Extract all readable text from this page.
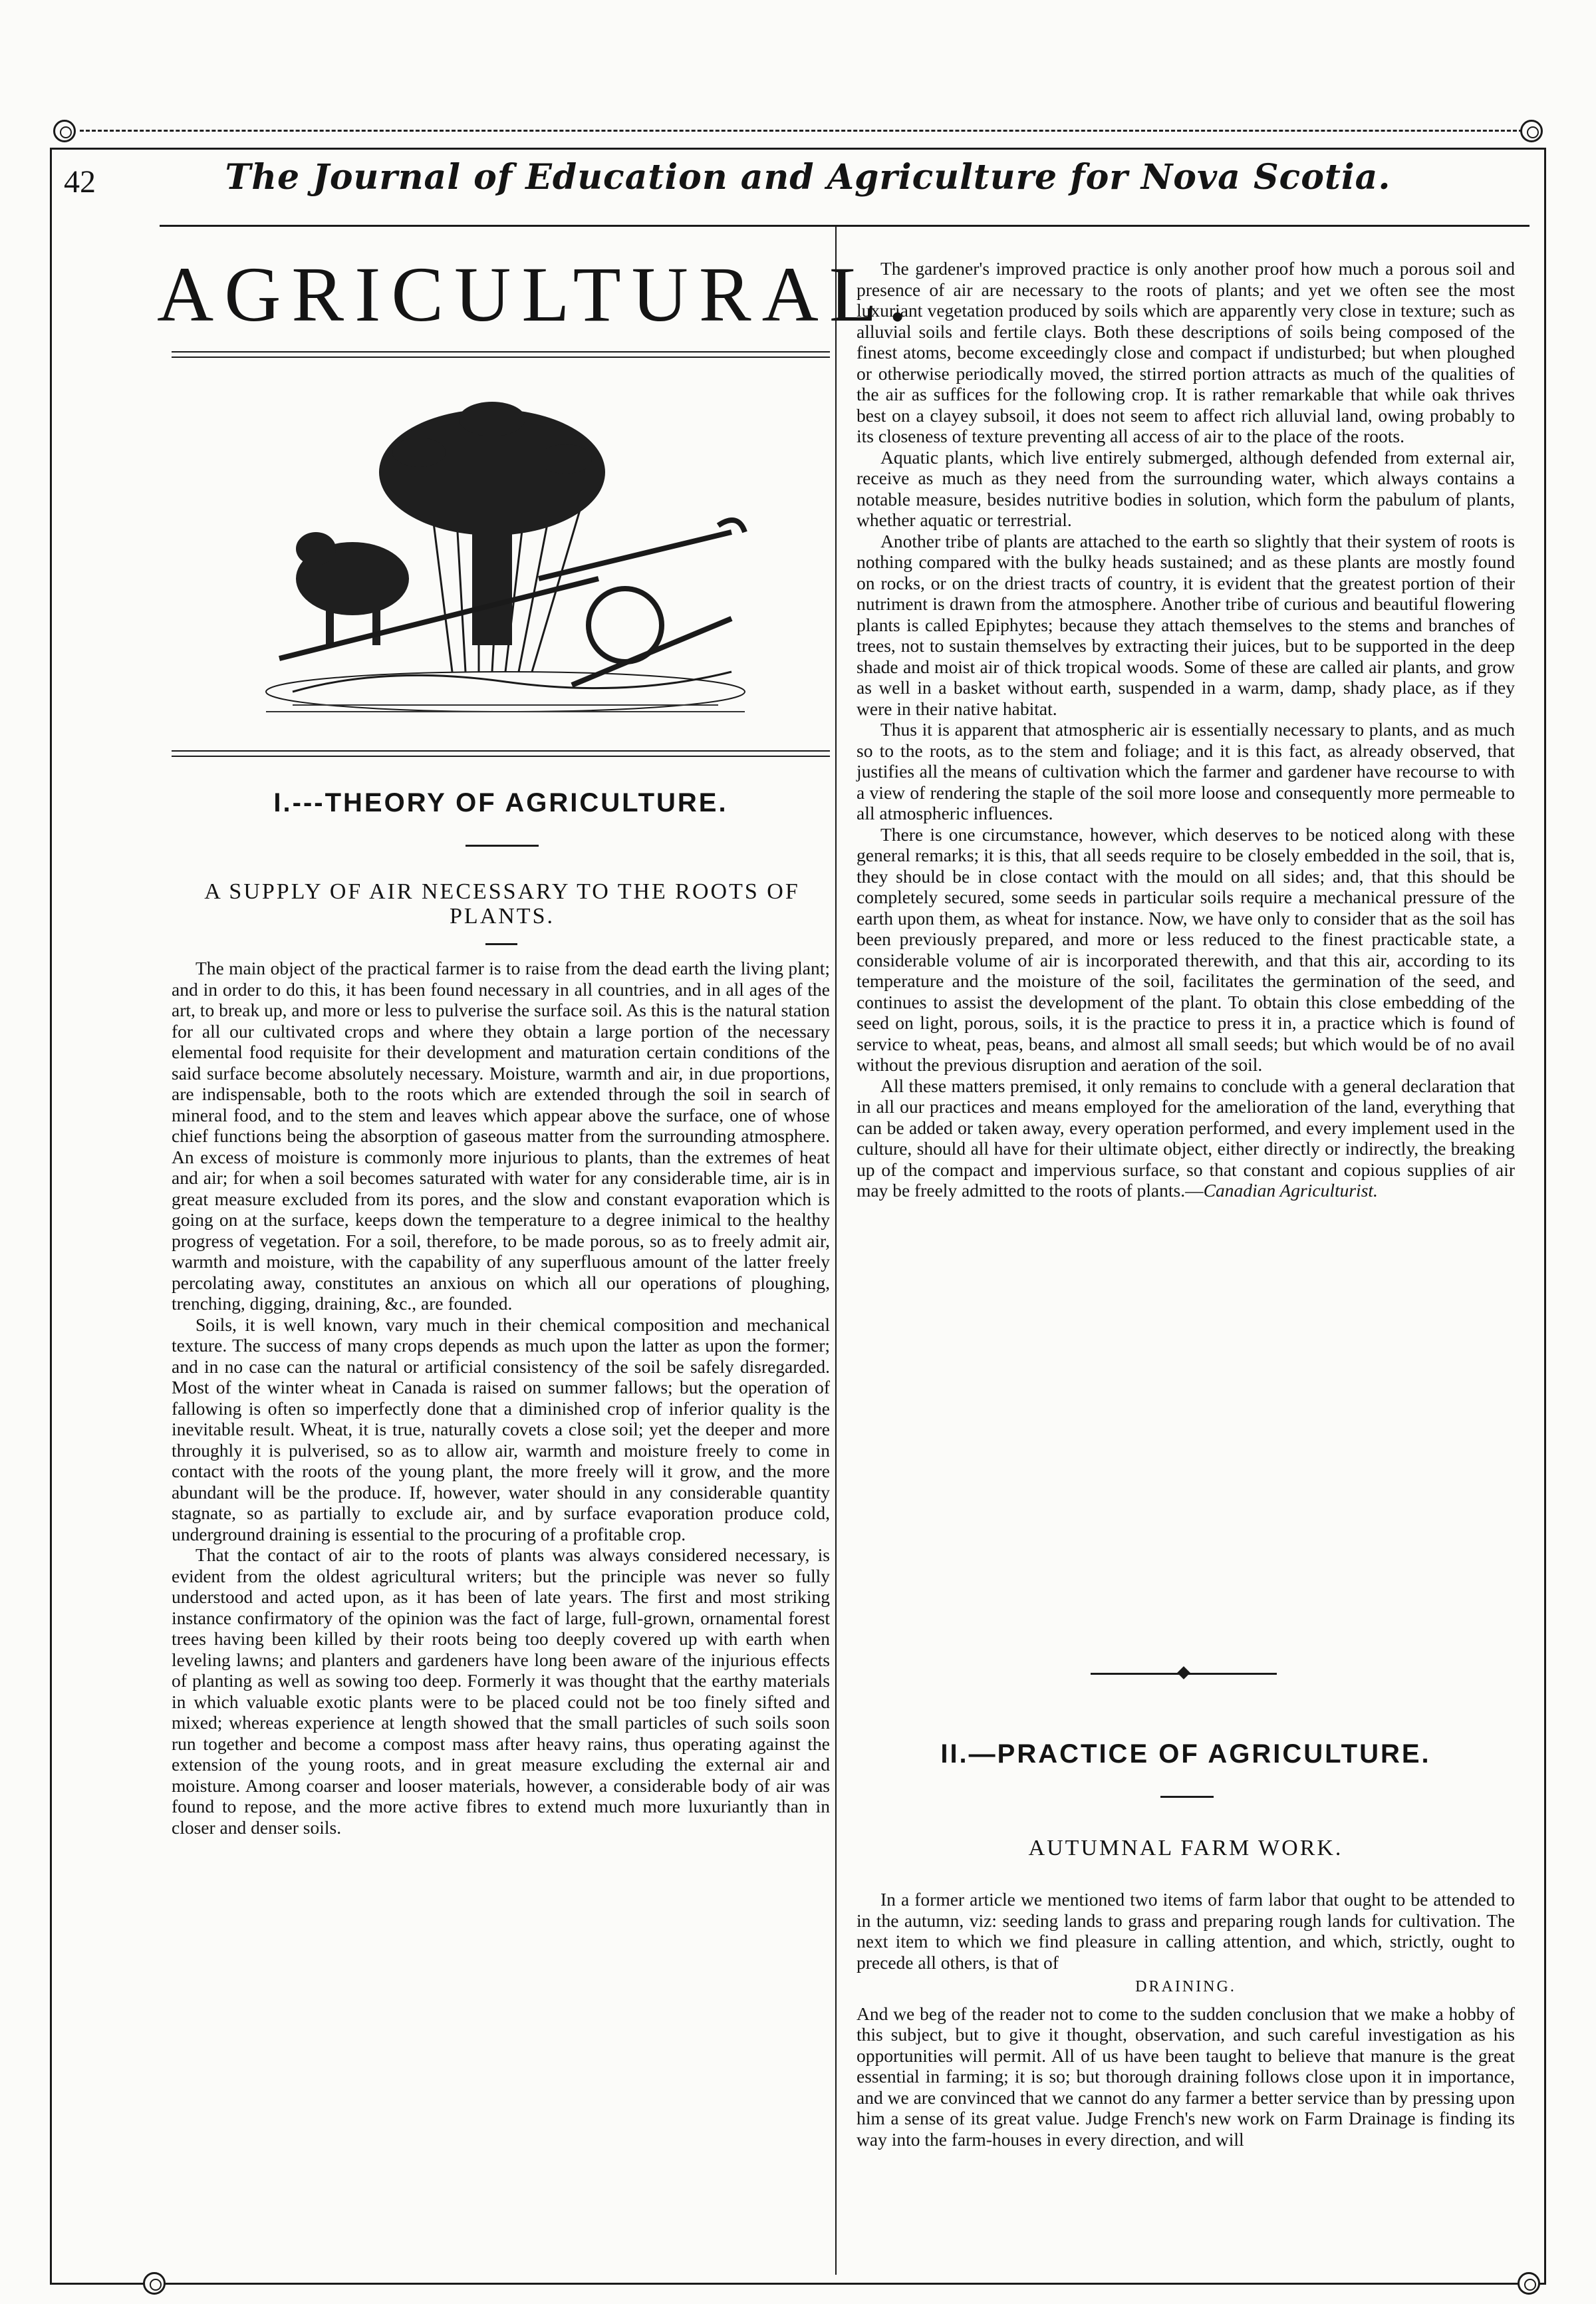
42	The Journal of Education and Agriculture for Nova Scotia.
AGRICULTURAL.
I.---THEORY OF AGRICULTURE.
A SUPPLY OF AIR NECESSARY TO THE ROOTS OF PLANTS.

The main object of the practical farmer is to raise from the dead earth the living plant; and in order to do this, it has been found necessary in all countries, and in all ages of the art, to break up, and more or less to pulverise the surface soil. As this is the natural station for all our cultivated crops and where they obtain a large portion of the necessary elemental food requisite for their development and maturation certain conditions of the said surface become absolutely necessary. Moisture, warmth and air, in due proportions, are indispensable, both to the roots which are extended through the soil in search of mineral food, and to the stem and leaves which appear above the surface, one of whose chief functions being the absorption of gaseous matter from the surrounding atmosphere. An excess of moisture is commonly more injurious to plants, than the extremes of heat and air; for when a soil becomes saturated with water for any considerable time, air is in great measure excluded from its pores, and the slow and constant evaporation which is going on at the surface, keeps down the temperature to a degree inimical to the healthy progress of vegetation. For a soil, therefore, to be made porous, so as to freely admit air, warmth and moisture, with the capability of any superfluous amount of the latter freely percolating away, constitutes an anxious on which all our operations of ploughing, trenching, digging, draining, &c., are founded.

Soils, it is well known, vary much in their chemical composition and mechanical texture. The success of many crops depends as much upon the latter as upon the former; and in no case can the natural or artificial consistency of the soil be safely disregarded. Most of the winter wheat in Canada is raised on summer fallows; but the operation of fallowing is often so imperfectly done that a diminished crop of inferior quality is the inevitable result. Wheat, it is true, naturally covets a close soil; yet the deeper and more throughly it is pulverised, so as to allow air, warmth and moisture freely to come in contact with the roots of the young plant, the more freely will it grow, and the more abundant will be the produce. If, however, water should in any considerable quantity stagnate, so as partially to exclude air, and by surface evaporation produce cold, underground draining is essential to the procuring of a profitable crop.

That the contact of air to the roots of plants was always considered necessary, is evident from the oldest agricultural writers; but the principle was never so fully understood and acted upon, as it has been of late years. The first and most striking instance confirmatory of the opinion was the fact of large, full-grown, ornamental forest trees having been killed by their roots being too deeply covered up with earth when leveling lawns; and planters and gardeners have long been aware of the injurious effects of planting as well as sowing too deep. Formerly it was thought that the earthy materials in which valuable exotic plants were to be placed could not be too finely sifted and mixed; whereas experience at length showed that the small particles of such soils soon run together and become a compost mass after heavy rains, thus operating against the extension of the young roots, and in great measure excluding the external air and moisture. Among coarser and looser materials, however, a considerable body of air was found to repose, and the more active fibres to extend much more luxuriantly than in closer and denser soils.

The gardener's improved practice is only another proof how much a porous soil and presence of air are necessary to the roots of plants; and yet we often see the most luxuriant vegetation produced by soils which are apparently very close in texture; such as alluvial soils and fertile clays. Both these descriptions of soils being composed of the finest atoms, become exceedingly close and compact if undisturbed; but when ploughed or otherwise periodically moved, the stirred portion attracts as much of the qualities of the air as suffices for the following crop. It is rather remarkable that while oak thrives best on a clayey subsoil, it does not seem to affect rich alluvial land, owing probably to its closeness of texture preventing all access of air to the place of the roots.

Aquatic plants, which live entirely submerged, although defended from external air, receive as much as they need from the surrounding water, which always contains a notable measure, besides nutritive bodies in solution, which form the pabulum of plants, whether aquatic or terrestrial.

Another tribe of plants are attached to the earth so slightly that their system of roots is nothing compared with the bulky heads sustained; and as these plants are mostly found on rocks, or on the driest tracts of country, it is evident that the greatest portion of their nutriment is drawn from the atmosphere. Another tribe of curious and beautiful flowering plants is called Epiphytes; because they attach themselves to the stems and branches of trees, not to sustain themselves by extracting their juices, but to be supported in the deep shade and moist air of thick tropical woods. Some of these are called air plants, and grow as well in a basket without earth, suspended in a warm, damp, shady place, as if they were in their native habitat.

Thus it is apparent that atmospheric air is essentially necessary to plants, and as much so to the roots, as to the stem and foliage; and it is this fact, as already observed, that justifies all the means of cultivation which the farmer and gardener have recourse to with a view of rendering the staple of the soil more loose and consequently more permeable to all atmospheric influences.

There is one circumstance, however, which deserves to be noticed along with these general remarks; it is this, that all seeds require to be closely embedded in the soil, that is, they should be in close contact with the mould on all sides; and, that this should be completely secured, some seeds in particular soils require a mechanical pressure of the earth upon them, as wheat for instance. Now, we have only to consider that as the soil has been previously prepared, and more or less reduced to the finest practicable state, a considerable volume of air is incorporated therewith, and that this air, according to its temperature and the moisture of the soil, facilitates the germination of the seed, and continues to assist the development of the plant. To obtain this close embedding of the seed on light, porous, soils, it is the practice to press it in, a practice which is found of service to wheat, peas, beans, and almost all small seeds; but which would be of no avail without the previous disruption and aeration of the soil.

All these matters premised, it only remains to conclude with a general declaration that in all our practices and means employed for the amelioration of the land, everything that can be added or taken away, every operation performed, and every implement used in the culture, should all have for their ultimate object, either directly or indirectly, the breaking up of the compact and impervious surface, so that constant and copious supplies of air may be freely admitted to the roots of plants.—Canadian Agriculturist.

II.—PRACTICE OF AGRICULTURE.
AUTUMNAL FARM WORK.

In a former article we mentioned two items of farm labor that ought to be attended to in the autumn, viz: seeding lands to grass and preparing rough lands for cultivation. The next item to which we find pleasure in calling attention, and which, strictly, ought to precede all others, is that of

DRAINING.

And we beg of the reader not to come to the sudden conclusion that we make a hobby of this subject, but to give it thought, observation, and such careful investigation as his opportunities will permit. All of us have been taught to believe that manure is the great essential in farming; it is so; but thorough draining follows close upon it in importance, and we are convinced that we cannot do any farmer a better service than by pressing upon him a sense of its great value. Judge French's new work on Farm Drainage is finding its way into the farm-houses in every direction, and will
